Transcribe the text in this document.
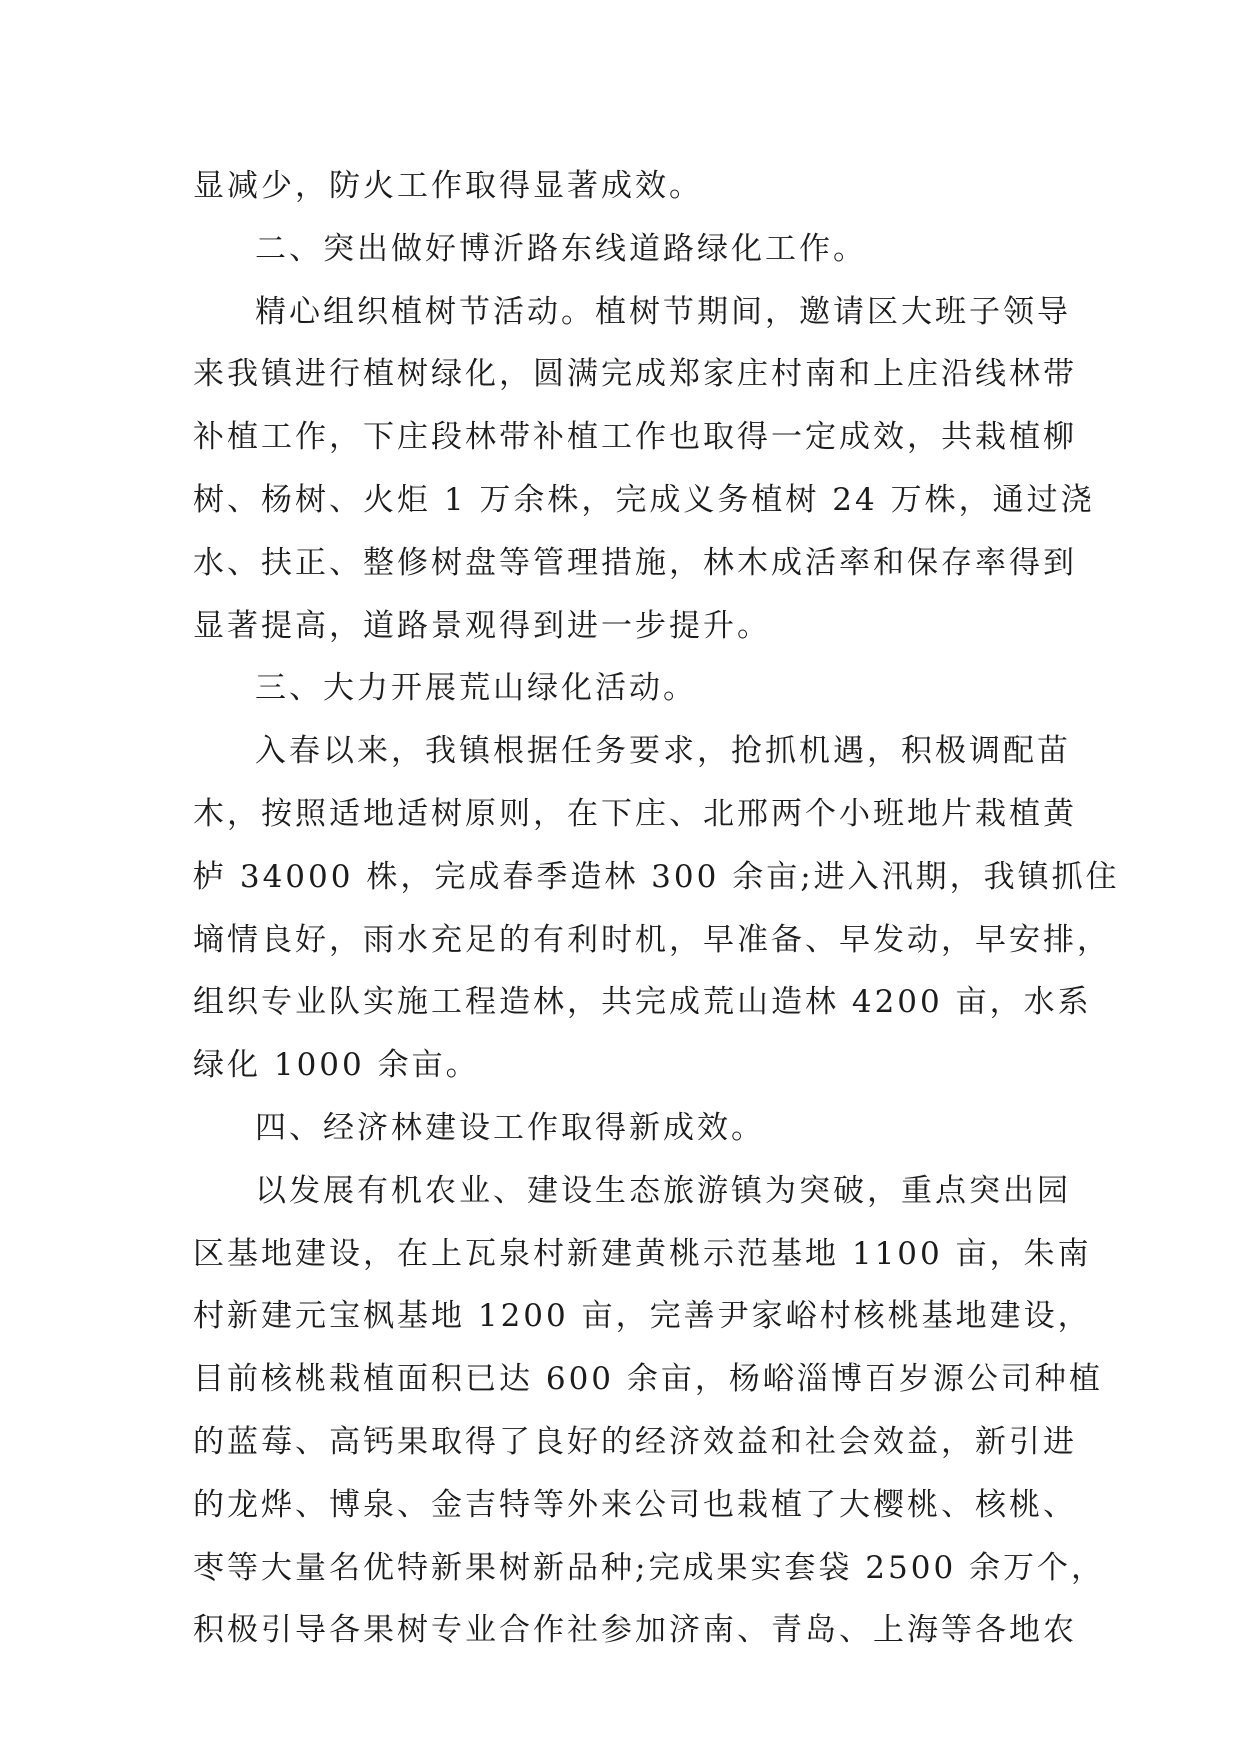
显减少，防火工作取得显著成效。
二、突出做好博沂路东线道路绿化工作。
精心组织植树节活动。植树节期间，邀请区大班子领导
来我镇进行植树绿化，圆满完成郑家庄村南和上庄沿线林带
补植工作，下庄段林带补植工作也取得一定成效，共栽植柳
树、杨树、火炬 1 万余株，完成义务植树 24 万株，通过浇
水、扶正、整修树盘等管理措施，林木成活率和保存率得到
显著提高，道路景观得到进一步提升。
三、大力开展荒山绿化活动。
入春以来，我镇根据任务要求，抢抓机遇，积极调配苗
木，按照适地适树原则，在下庄、北邢两个小班地片栽植黄
栌 34000 株，完成春季造林 300 余亩;进入汛期，我镇抓住
墒情良好，雨水充足的有利时机，早准备、早发动，早安排，
组织专业队实施工程造林，共完成荒山造林 4200 亩，水系
绿化 1000 余亩。
四、经济林建设工作取得新成效。
以发展有机农业、建设生态旅游镇为突破，重点突出园
区基地建设，在上瓦泉村新建黄桃示范基地 1100 亩，朱南
村新建元宝枫基地 1200 亩，完善尹家峪村核桃基地建设，
目前核桃栽植面积已达 600 余亩，杨峪淄博百岁源公司种植
的蓝莓、高钙果取得了良好的经济效益和社会效益，新引进
的龙烨、博泉、金吉特等外来公司也栽植了大樱桃、核桃、
枣等大量名优特新果树新品种;完成果实套袋 2500 余万个，
积极引导各果树专业合作社参加济南、青岛、上海等各地农
